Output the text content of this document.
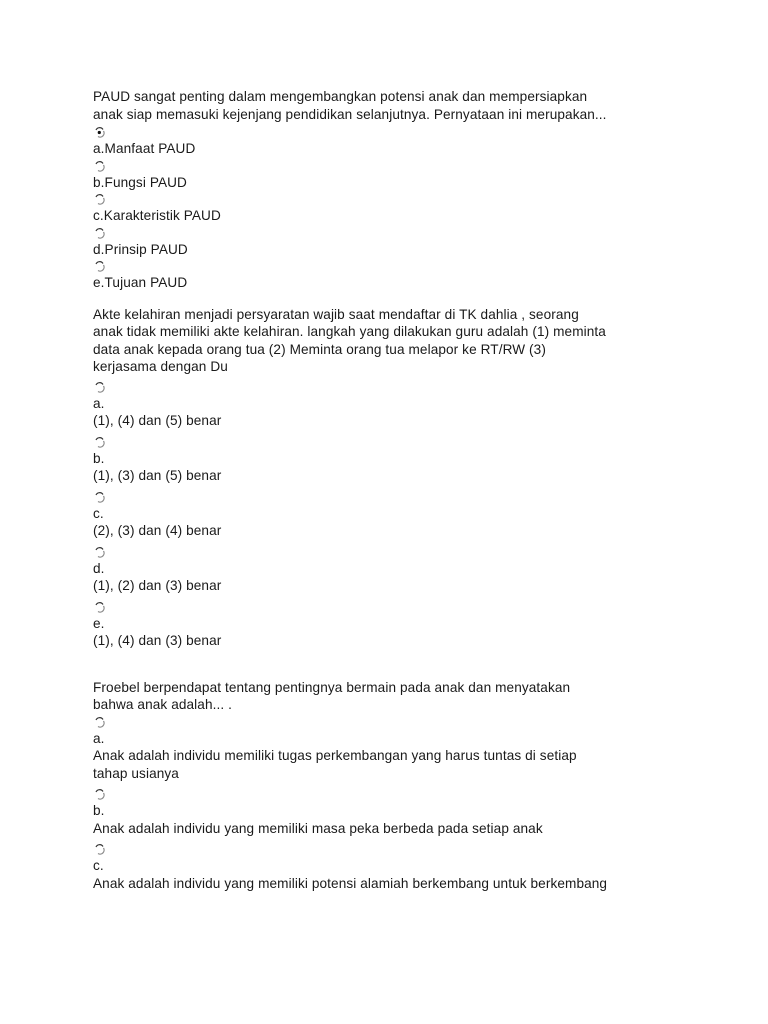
PAUD sangat penting dalam mengembangkan potensi anak dan mempersiapkan
anak siap memasuki kejenjang pendidikan selanjutnya. Pernyataan ini merupakan...

a.Manfaat PAUD
b.Fungsi PAUD
c.Karakteristik PAUD
d.Prinsip PAUD
e.Tujuan PAUD

Akte kelahiran menjadi persyaratan wajib saat mendaftar di TK dahlia , seorang
anak tidak memiliki akte kelahiran. langkah yang dilakukan guru adalah (1) meminta
data anak kepada orang tua (2) Meminta orang tua melapor ke RT/RW (3)
kerjasama dengan Du

a.
(1), (4) dan (5) benar
b.
(1), (3) dan (5) benar
c.
(2), (3) dan (4) benar
d.
(1), (2) dan (3) benar
e.
(1), (4) dan (3) benar

Froebel berpendapat tentang pentingnya bermain pada anak dan menyatakan
bahwa anak adalah... .

a.
Anak adalah individu memiliki tugas perkembangan yang harus tuntas di setiap
tahap usianya
b.
Anak adalah individu yang memiliki masa peka berbeda pada setiap anak
c.
Anak adalah individu yang memiliki potensi alamiah berkembang untuk berkembang
